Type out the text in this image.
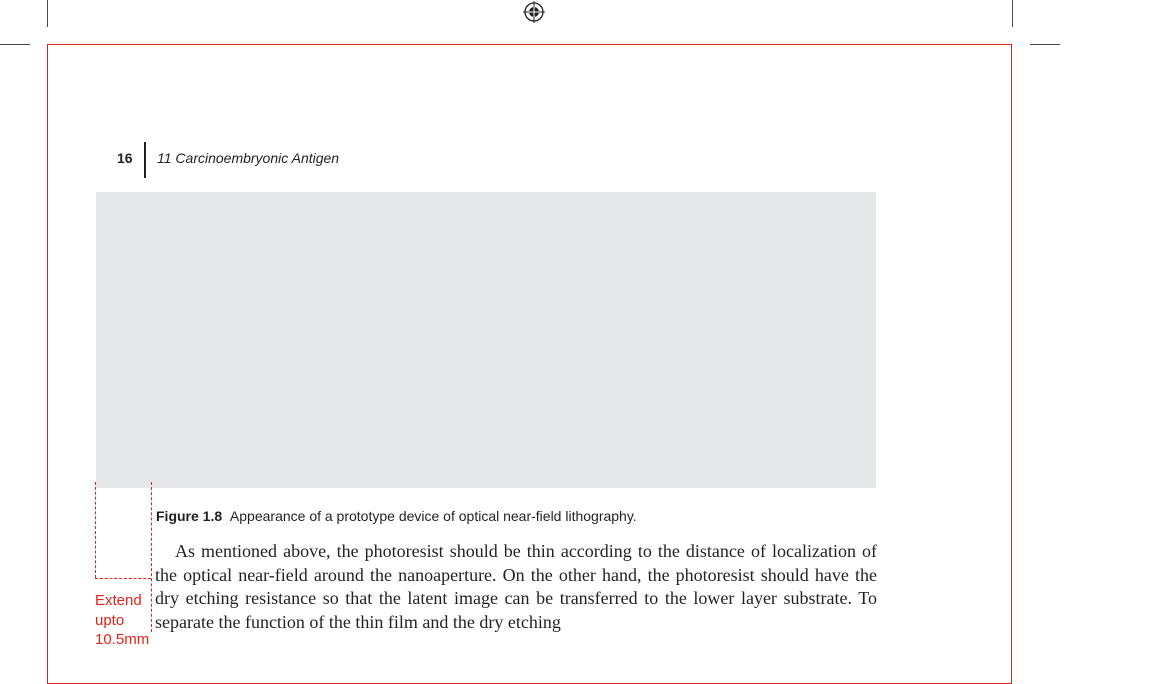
16 11 Carcinoembryonic Antigen
Figure 1.8 Appearance of a prototype device of optical near-field lithography.

As mentioned above, the photoresist should be thin according to the distance of localization of the optical near-field around the nanoaperture. On the other hand, the photoresist should have the dry etching resistance so that the latent image can be transferred to the lower layer substrate. To separate the function of the thin film and the dry etching

Extend
upto
10.5mm
